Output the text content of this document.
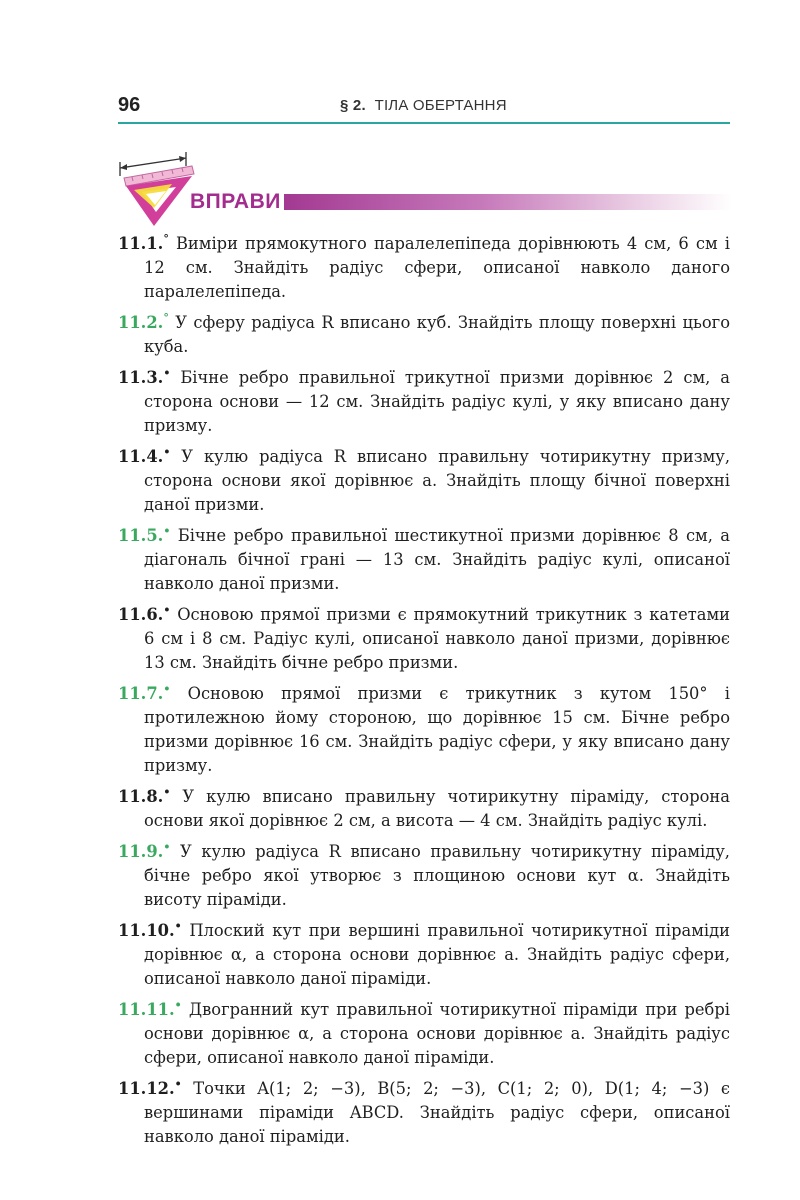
96	§ 2. ТІЛА ОБЕРТАННЯ
ВПРАВИ
11.1.° Виміри прямокутного паралелепіпеда дорівнюють 4 см, 6 см і 12 см. Знайдіть радіус сфери, описаної навколо даного паралелепіпеда.
11.2.° У сферу радіуса R вписано куб. Знайдіть площу поверхні цього куба.
11.3.• Бічне ребро правильної трикутної призми дорівнює 2 см, а сторона основи — 12 см. Знайдіть радіус кулі, у яку вписано дану призму.
11.4.• У кулю радіуса R вписано правильну чотирикутну призму, сторона основи якої дорівнює a. Знайдіть площу бічної поверхні даної призми.
11.5.• Бічне ребро правильної шестикутної призми дорівнює 8 см, а діагональ бічної грані — 13 см. Знайдіть радіус кулі, описаної навколо даної призми.
11.6.• Основою прямої призми є прямокутний трикутник з катетами 6 см і 8 см. Радіус кулі, описаної навколо даної призми, дорівнює 13 см. Знайдіть бічне ребро призми.
11.7.• Основою прямої призми є трикутник з кутом 150° і протилежною йому стороною, що дорівнює 15 см. Бічне ребро призми дорівнює 16 см. Знайдіть радіус сфери, у яку вписано дану призму.
11.8.• У кулю вписано правильну чотирикутну піраміду, сторона основи якої дорівнює 2 см, а висота — 4 см. Знайдіть радіус кулі.
11.9.• У кулю радіуса R вписано правильну чотирикутну піраміду, бічне ребро якої утворює з площиною основи кут α. Знайдіть висоту піраміди.
11.10.• Плоский кут при вершині правильної чотирикутної піраміди дорівнює α, а сторона основи дорівнює a. Знайдіть радіус сфери, описаної навколо даної піраміди.
11.11.• Двогранний кут правильної чотирикутної піраміди при ребрі основи дорівнює α, а сторона основи дорівнює a. Знайдіть радіус сфери, описаної навколо даної піраміди.
11.12.• Точки A(1; 2; −3), B(5; 2; −3), C(1; 2; 0), D(1; 4; −3) є вершинами піраміди ABCD. Знайдіть радіус сфери, описаної навколо даної піраміди.
